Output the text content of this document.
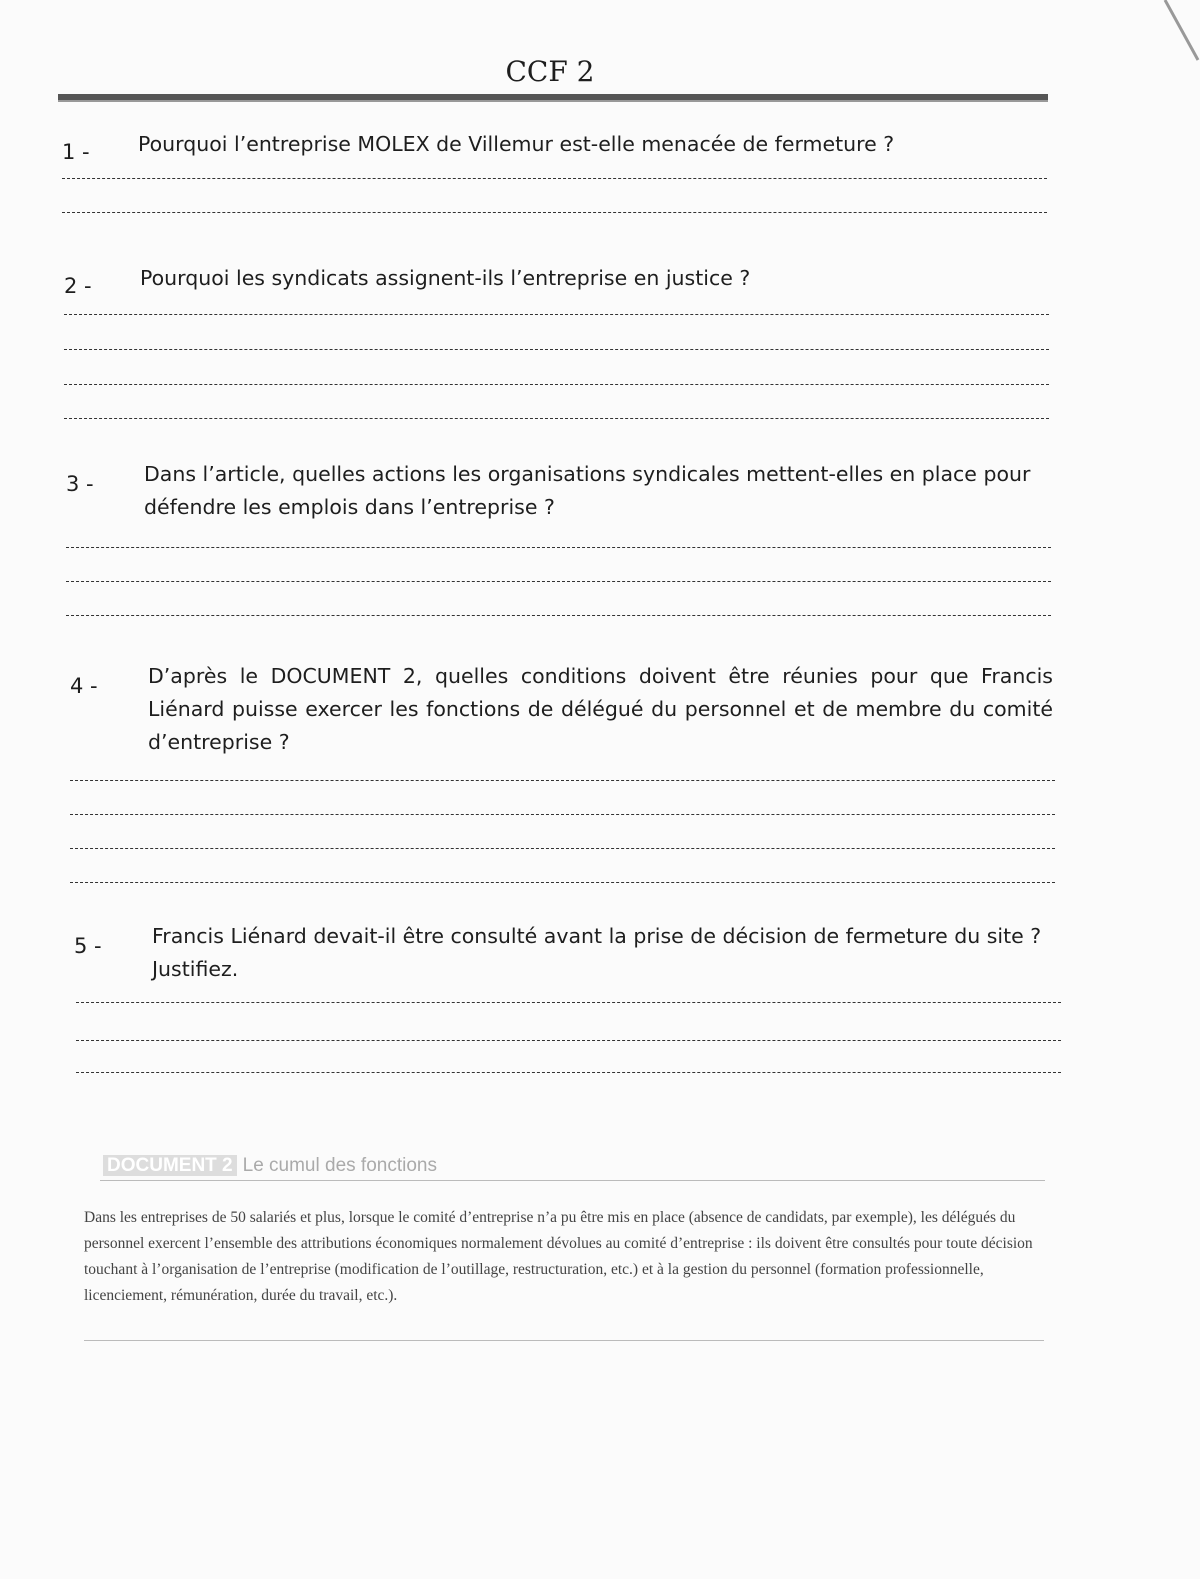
CCF 2
1 - Pourquoi l’entreprise MOLEX de Villemur est-elle menacée de fermeture ?
2 - Pourquoi les syndicats assignent-ils l’entreprise en justice ?
3 - Dans l’article, quelles actions les organisations syndicales mettent-elles en place pour défendre les emplois dans l’entreprise ?
4 - D’après le DOCUMENT 2, quelles conditions doivent être réunies pour que Francis Liénard puisse exercer les fonctions de délégué du personnel et de membre du comité d’entreprise ?
5 - Francis Liénard devait-il être consulté avant la prise de décision de fermeture du site ? Justifiez.
DOCUMENT 2 Le cumul des fonctions
Dans les entreprises de 50 salariés et plus, lorsque le comité d’entreprise n’a pu être mis en place (absence de candidats, par exemple), les délégués du personnel exercent l’ensemble des attributions économiques normalement dévolues au comité d’entreprise : ils doivent être consultés pour toute décision touchant à l’organisation de l’entreprise (modification de l’outillage, restructuration, etc.) et à la gestion du personnel (formation professionnelle, licenciement, rémunération, durée du travail, etc.).
